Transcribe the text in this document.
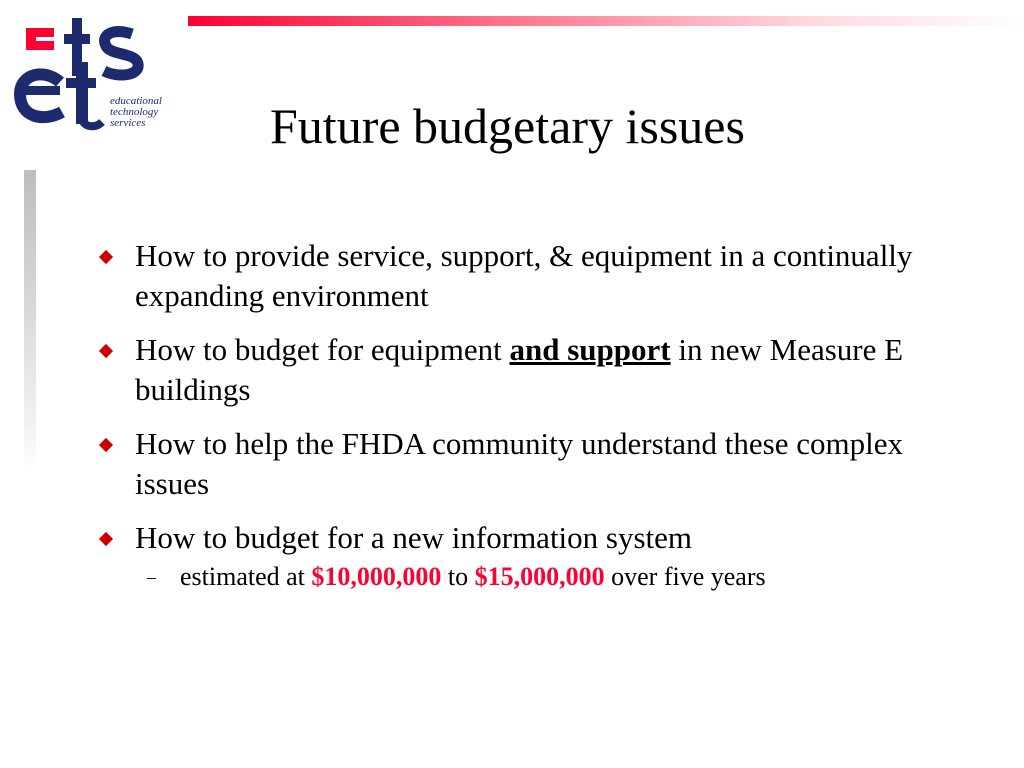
educational
technology
services	Future budgetary issues
How to provide service, support, & equipment in a continually expanding environment
How to budget for equipment and support in new Measure E buildings
How to help the FHDA community understand these complex issues
How to budget for a new information system
– estimated at $10,000,000 to $15,000,000 over five years
